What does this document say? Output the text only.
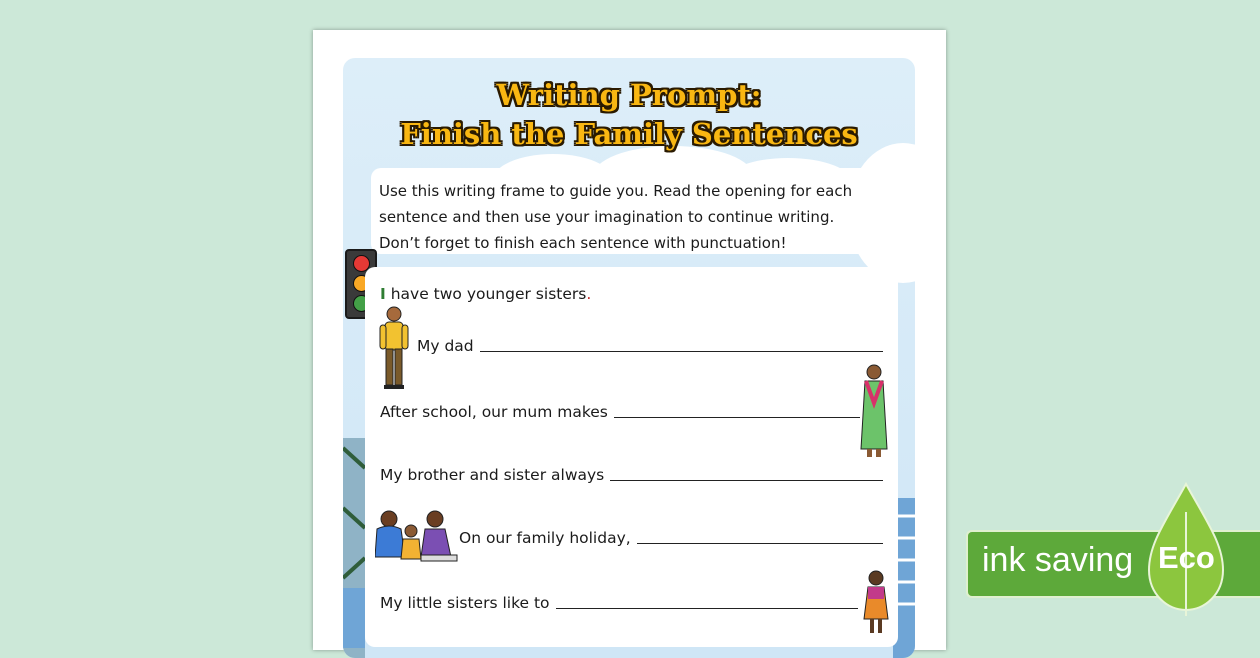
Writing Prompt:
Finish the Family Sentences
Use this writing frame to guide you. Read the opening for each
sentence and then use your imagination to continue writing.
Don’t forget to finish each sentence with punctuation!
I have two younger sisters.
My dad
After school, our mum makes
My brother and sister always
On our family holiday,
My little sisters like to
ink saving Eco
